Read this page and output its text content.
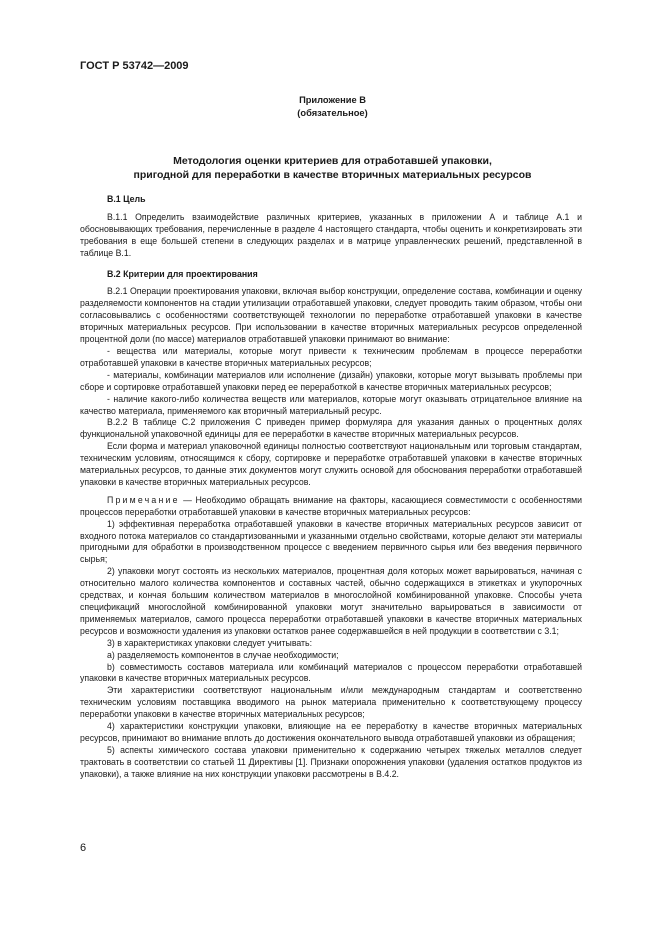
ГОСТ Р 53742—2009
Приложение В
(обязательное)
Методология оценки критериев для отработавшей упаковки,
пригодной для переработки в качестве вторичных материальных ресурсов
В.1 Цель

В.1.1 Определить взаимодействие различных критериев, указанных в приложении А и таблице А.1 и обосновывающих требования, перечисленные в разделе 4 настоящего стандарта, чтобы оценить и конкретизировать эти требования в еще большей степени в следующих разделах и в матрице управленческих решений, представленной в таблице В.1.

В.2 Критерии для проектирования

В.2.1 Операции проектирования упаковки, включая выбор конструкции, определение состава, комбинации и оценку разделяемости компонентов на стадии утилизации отработавшей упаковки, следует проводить таким образом, чтобы они согласовывались с особенностями соответствующей технологии по переработке отработавшей упаковки в качестве вторичных материальных ресурсов. При использовании в качестве вторичных материальных ресурсов определенной процентной доли (по массе) материалов отработавшей упаковки принимают во внимание:

- вещества или материалы, которые могут привести к техническим проблемам в процессе переработки отработавшей упаковки в качестве вторичных материальных ресурсов;

- материалы, комбинации материалов или исполнение (дизайн) упаковки, которые могут вызывать проблемы при сборе и сортировке отработавшей упаковки перед ее переработкой в качестве вторичных материальных ресурсов;

- наличие какого-либо количества веществ или материалов, которые могут оказывать отрицательное влияние на качество материала, применяемого как вторичный материальный ресурс.

В.2.2 В таблице С.2 приложения С приведен пример формуляра для указания данных о процентных долях функциональной упаковочной единицы для ее переработки в качестве вторичных материальных ресурсов.

Если форма и материал упаковочной единицы полностью соответствуют национальным или торговым стандартам, техническим условиям, относящимся к сбору, сортировке и переработке отработавшей упаковки в качестве вторичных материальных ресурсов, то данные этих документов могут служить основой для обоснования переработки отработавшей упаковки в качестве вторичных материальных ресурсов.

Примечание — Необходимо обращать внимание на факторы, касающиеся совместимости с особенностями процессов переработки отработавшей упаковки в качестве вторичных материальных ресурсов:

1) эффективная переработка отработавшей упаковки в качестве вторичных материальных ресурсов зависит от входного потока материалов со стандартизованными и указанными отдельно свойствами, которые делают эти материалы пригодными для обработки в производственном процессе с введением первичного сырья или без введения первичного сырья;

2) упаковки могут состоять из нескольких материалов, процентная доля которых может варьироваться, начиная с относительно малого количества компонентов и составных частей, обычно содержащихся в этикетках и укупорочных средствах, и кончая большим количеством материалов в многослойной комбинированной упаковке. Способы учета спецификаций многослойной комбинированной упаковки могут значительно варьироваться в зависимости от применяемых материалов, самого процесса переработки отработавшей упаковки в качестве вторичных материальных ресурсов и возможности удаления из упаковки остатков ранее содержавшейся в ней продукции в соответствии с 3.1;

3) в характеристиках упаковки следует учитывать:

а) разделяемость компонентов в случае необходимости;

b) совместимость составов материала или комбинаций материалов с процессом переработки отработавшей упаковки в качестве вторичных материальных ресурсов.

Эти характеристики соответствуют национальным и/или международным стандартам и соответственно техническим условиям поставщика вводимого на рынок материала применительно к соответствующему процессу переработки упаковки в качестве вторичных материальных ресурсов;

4) характеристики конструкции упаковки, влияющие на ее переработку в качестве вторичных материальных ресурсов, принимают во внимание вплоть до достижения окончательного вывода отработавшей упаковки из обращения;

5) аспекты химического состава упаковки применительно к содержанию четырех тяжелых металлов следует трактовать в соответствии со статьей 11 Директивы [1]. Признаки опорожнения упаковки (удаления остатков продуктов из упаковки), а также влияние на них конструкции упаковки рассмотрены в В.4.2.

6
